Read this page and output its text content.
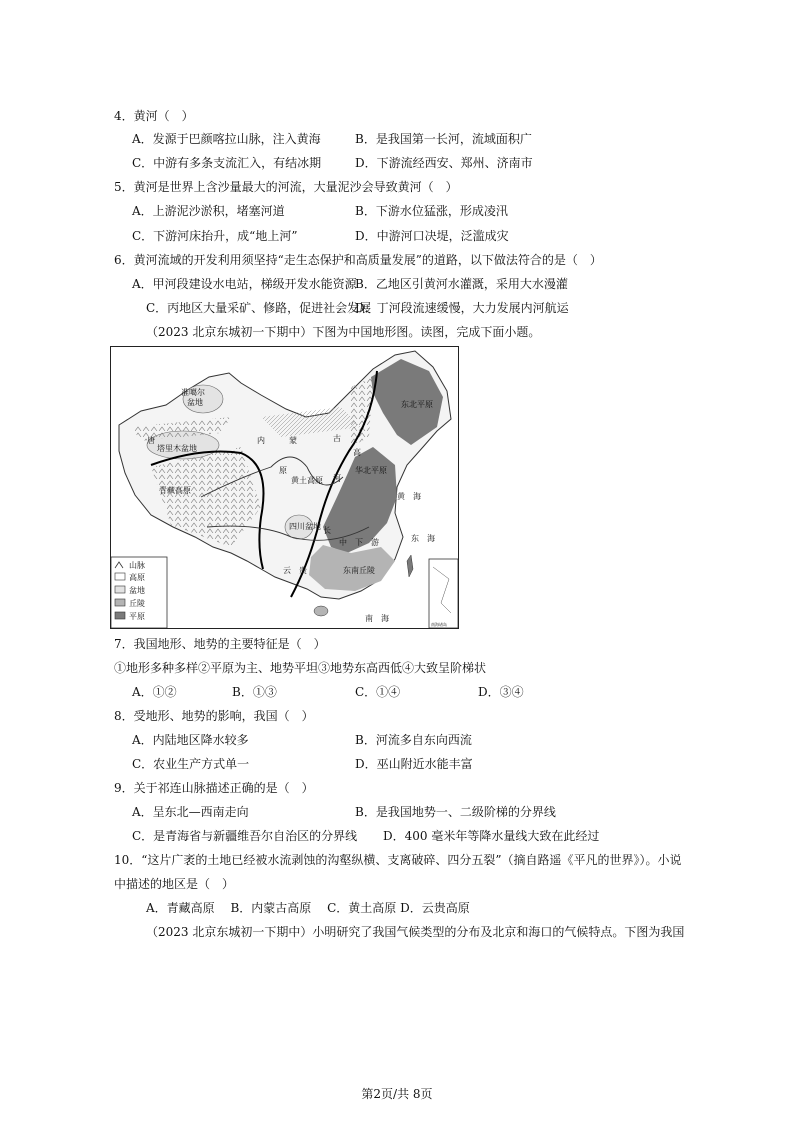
4．黄河（　）
A．发源于巴颜喀拉山脉，注入黄海	B．是我国第一长河，流域面积广
C．中游有多条支流汇入，有结冰期	D．下游流经西安、郑州、济南市
5．黄河是世界上含沙量最大的河流，大量泥沙会导致黄河（　）
A．上游泥沙淤积，堵塞河道	B．下游水位猛涨，形成凌汛
C．下游河床抬升，成“地上河”	D．中游河口决堤，泛滥成灾
6．黄河流域的开发利用须坚持“走生态保护和高质量发展”的道路，以下做法符合的是（　）
A．甲河段建设水电站，梯级开发水能资源
B．乙地区引黄河水灌溉，采用大水漫灌
C．丙地区大量采矿、修路，促进社会发展
D．丁河段流速缓慢，大力发展内河航运
（2023 北京东城初一下期中）下图为中国地形图。读图，完成下面小题。
准噶尔
盆地
唐
塔里木盆地
青藏高原
内　　　蒙	古
高
黄土高原
原
河
东北平原
华北平原
黄　海
东　海
四川盆地
云　贵	东南丘陵
中　下　游
长
南　海
南海诸岛
山脉
高原
盆地
丘陵
平原
7．我国地形、地势的主要特征是（　）
①地形多种多样②平原为主、地势平坦③地势东高西低④大致呈阶梯状
A．①②	B．①③	C．①④	D．③④
8．受地形、地势的影响，我国（　）
A．内陆地区降水较多	B．河流多自东向西流
C．农业生产方式单一	D．巫山附近水能丰富
9．关于祁连山脉描述正确的是（　）
A．呈东北—西南走向	B．是我国地势一、二级阶梯的分界线
C．是青海省与新疆维吾尔自治区的分界线 D．400 毫米年等降水量线大致在此经过
10．“这片广袤的土地已经被水流剥蚀的沟壑纵横、支离破碎、四分五裂”（摘自路遥《平凡的世界》）。小说
中描述的地区是（　）
A．青藏高原　 B．内蒙古高原　 C．黄土高原 D．云贵高原
（2023 北京东城初一下期中）小明研究了我国气候类型的分布及北京和海口的气候特点。下图为我国
第2页/共 8页
